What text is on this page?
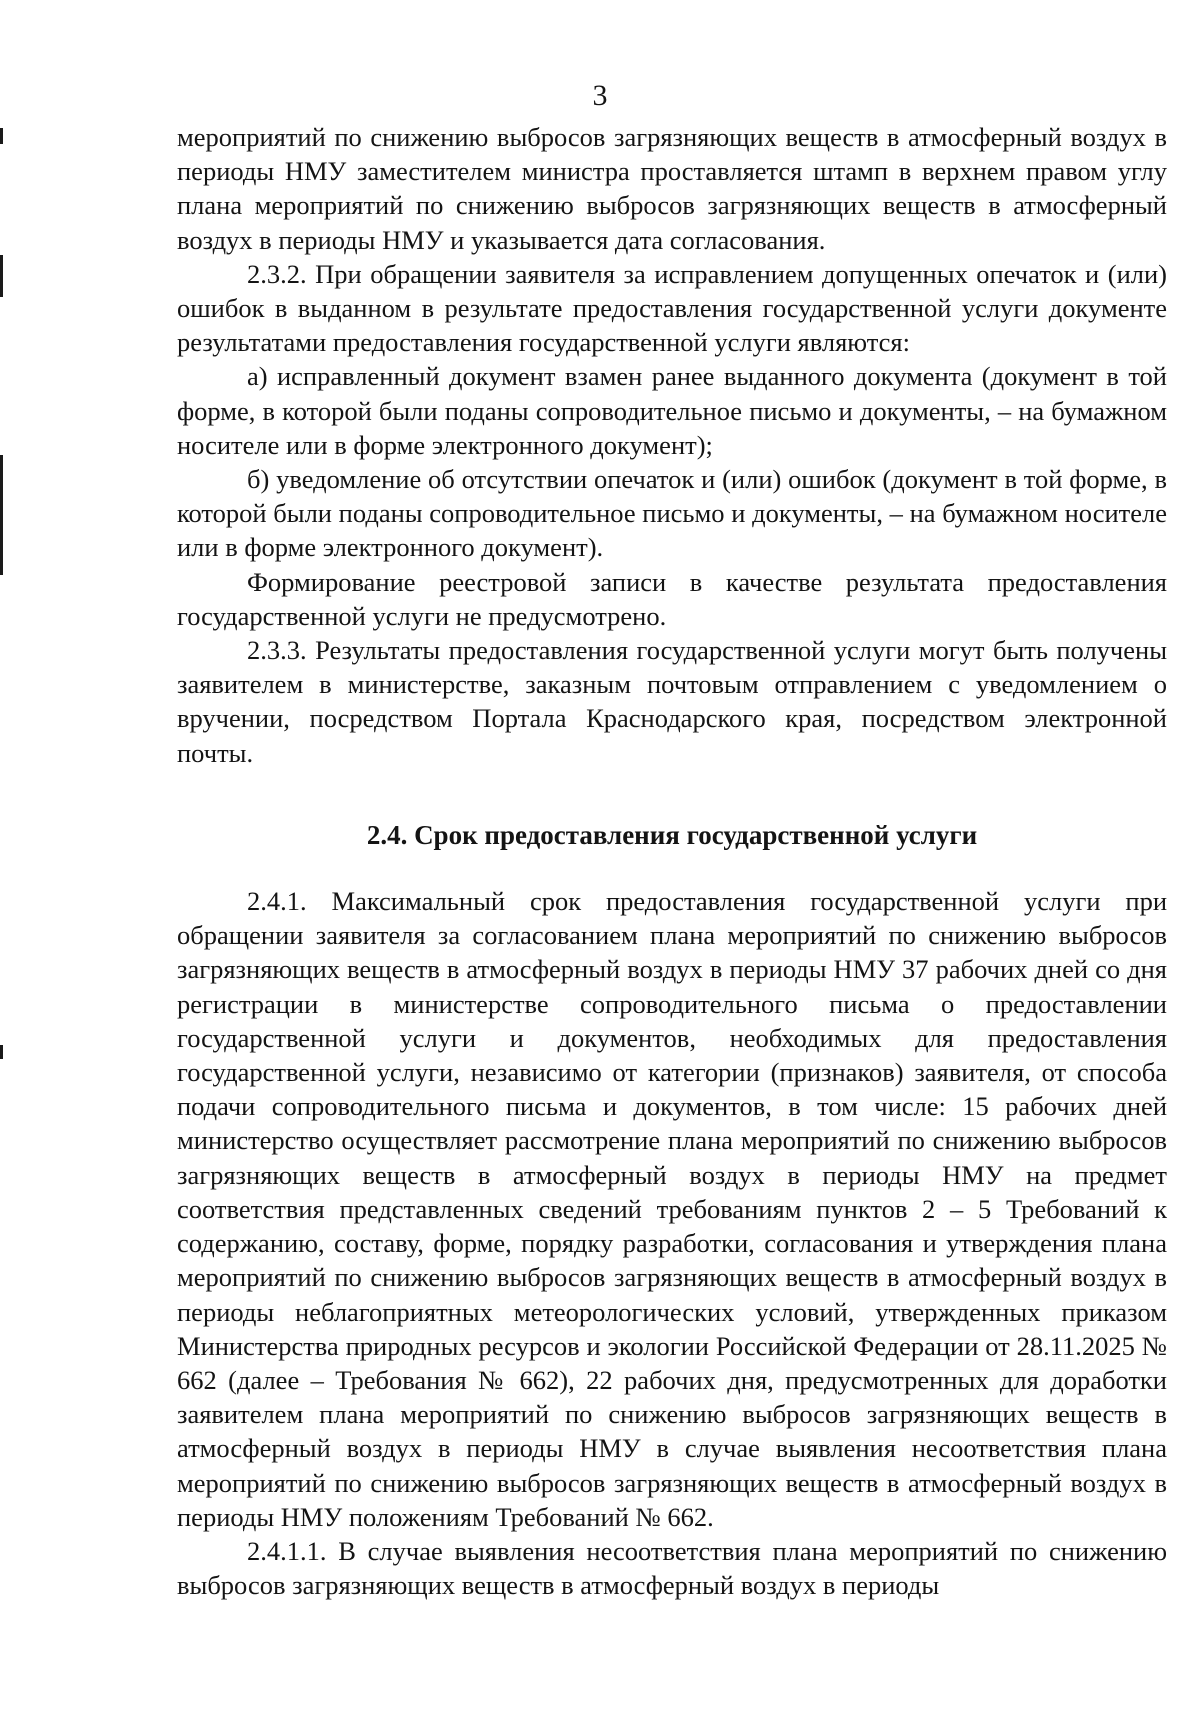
3

мероприятий по снижению выбросов загрязняющих веществ в атмосферный воздух в периоды НМУ заместителем министра проставляется штамп в верхнем правом углу плана мероприятий по снижению выбросов загрязняющих веществ в атмосферный воздух в периоды НМУ и указывается дата согласования.

2.3.2. При обращении заявителя за исправлением допущенных опечаток и (или) ошибок в выданном в результате предоставления государственной услуги документе результатами предоставления государственной услуги являются:

а) исправленный документ взамен ранее выданного документа (документ в той форме, в которой были поданы сопроводительное письмо и документы, – на бумажном носителе или в форме электронного документ);

б) уведомление об отсутствии опечаток и (или) ошибок (документ в той форме, в которой были поданы сопроводительное письмо и документы, – на бумажном носителе или в форме электронного документ).

Формирование реестровой записи в качестве результата предоставления государственной услуги не предусмотрено.

2.3.3. Результаты предоставления государственной услуги могут быть получены заявителем в министерстве, заказным почтовым отправлением с уведомлением о вручении, посредством Портала Краснодарского края, посредством электронной почты.

2.4. Срок предоставления государственной услуги

2.4.1. Максимальный срок предоставления государственной услуги при обращении заявителя за согласованием плана мероприятий по снижению выбросов загрязняющих веществ в атмосферный воздух в периоды НМУ 37 рабочих дней со дня регистрации в министерстве сопроводительного письма о предоставлении государственной услуги и документов, необходимых для предоставления государственной услуги, независимо от категории (признаков) заявителя, от способа подачи сопроводительного письма и документов, в том числе: 15 рабочих дней министерство осуществляет рассмотрение плана мероприятий по снижению выбросов загрязняющих веществ в атмосферный воздух в периоды НМУ на предмет соответствия представленных сведений требованиям пунктов 2 – 5 Требований к содержанию, составу, форме, порядку разработки, согласования и утверждения плана мероприятий по снижению выбросов загрязняющих веществ в атмосферный воздух в периоды неблагоприятных метеорологических условий, утвержденных приказом Министерства природных ресурсов и экологии Российской Федерации от 28.11.2025 № 662 (далее – Требования № 662), 22 рабочих дня, предусмотренных для доработки заявителем плана мероприятий по снижению выбросов загрязняющих веществ в атмосферный воздух в периоды НМУ в случае выявления несоответствия плана мероприятий по снижению выбросов загрязняющих веществ в атмосферный воздух в периоды НМУ положениям Требований № 662.

2.4.1.1. В случае выявления несоответствия плана мероприятий по снижению выбросов загрязняющих веществ в атмосферный воздух в периоды
